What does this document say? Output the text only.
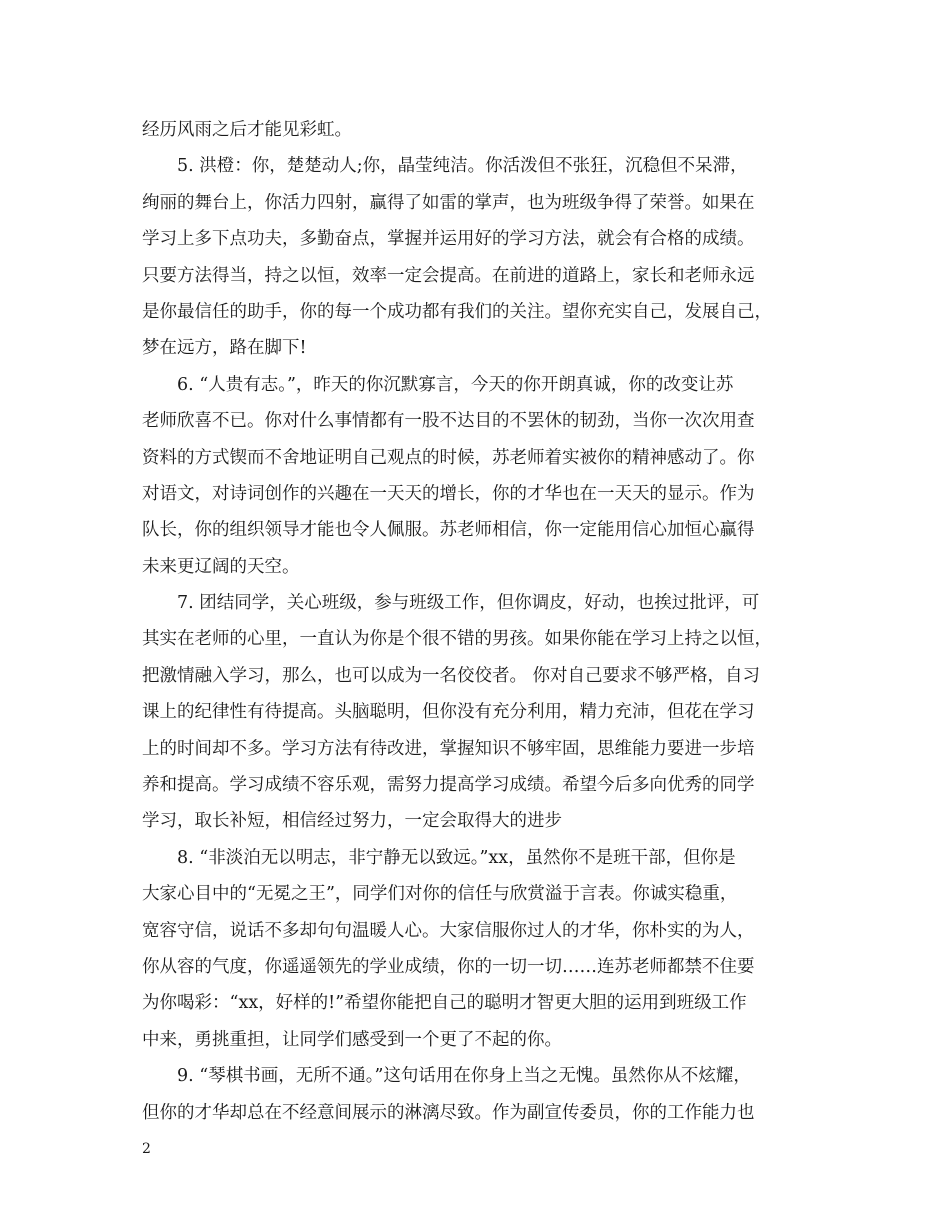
经历风雨之后才能见彩虹。
5. 洪橙：你，楚楚动人;你，晶莹纯洁。你活泼但不张狂，沉稳但不呆滞，
绚丽的舞台上，你活力四射，赢得了如雷的掌声，也为班级争得了荣誉。如果在
学习上多下点功夫，多勤奋点，掌握并运用好的学习方法，就会有合格的成绩。
只要方法得当，持之以恒，效率一定会提高。在前进的道路上，家长和老师永远
是你最信任的助手，你的每一个成功都有我们的关注。望你充实自己，发展自己，
梦在远方，路在脚下!
6. “人贵有志。”，昨天的你沉默寡言，今天的你开朗真诚，你的改变让苏
老师欣喜不已。你对什么事情都有一股不达目的不罢休的韧劲，当你一次次用查
资料的方式锲而不舍地证明自己观点的时候，苏老师着实被你的精神感动了。你
对语文，对诗词创作的兴趣在一天天的增长，你的才华也在一天天的显示。作为
队长，你的组织领导才能也令人佩服。苏老师相信，你一定能用信心加恒心赢得
未来更辽阔的天空。
7. 团结同学，关心班级，参与班级工作，但你调皮，好动，也挨过批评，可
其实在老师的心里，一直认为你是个很不错的男孩。如果你能在学习上持之以恒，
把激情融入学习，那么，也可以成为一名佼佼者。 你对自己要求不够严格，自习
课上的纪律性有待提高。头脑聪明，但你没有充分利用，精力充沛，但花在学习
上的时间却不多。学习方法有待改进，掌握知识不够牢固，思维能力要进一步培
养和提高。学习成绩不容乐观，需努力提高学习成绩。希望今后多向优秀的同学
学习，取长补短，相信经过努力，一定会取得大的进步
8. “非淡泊无以明志，非宁静无以致远。”xx，虽然你不是班干部，但你是
大家心目中的“无冕之王”，同学们对你的信任与欣赏溢于言表。你诚实稳重，
宽容守信，说话不多却句句温暖人心。大家信服你过人的才华，你朴实的为人，
你从容的气度，你遥遥领先的学业成绩，你的一切一切……连苏老师都禁不住要
为你喝彩：“xx，好样的!”希望你能把自己的聪明才智更大胆的运用到班级工作
中来，勇挑重担，让同学们感受到一个更了不起的你。
9. “琴棋书画，无所不通。”这句话用在你身上当之无愧。虽然你从不炫耀，
但你的才华却总在不经意间展示的淋漓尽致。作为副宣传委员，你的工作能力也
2
